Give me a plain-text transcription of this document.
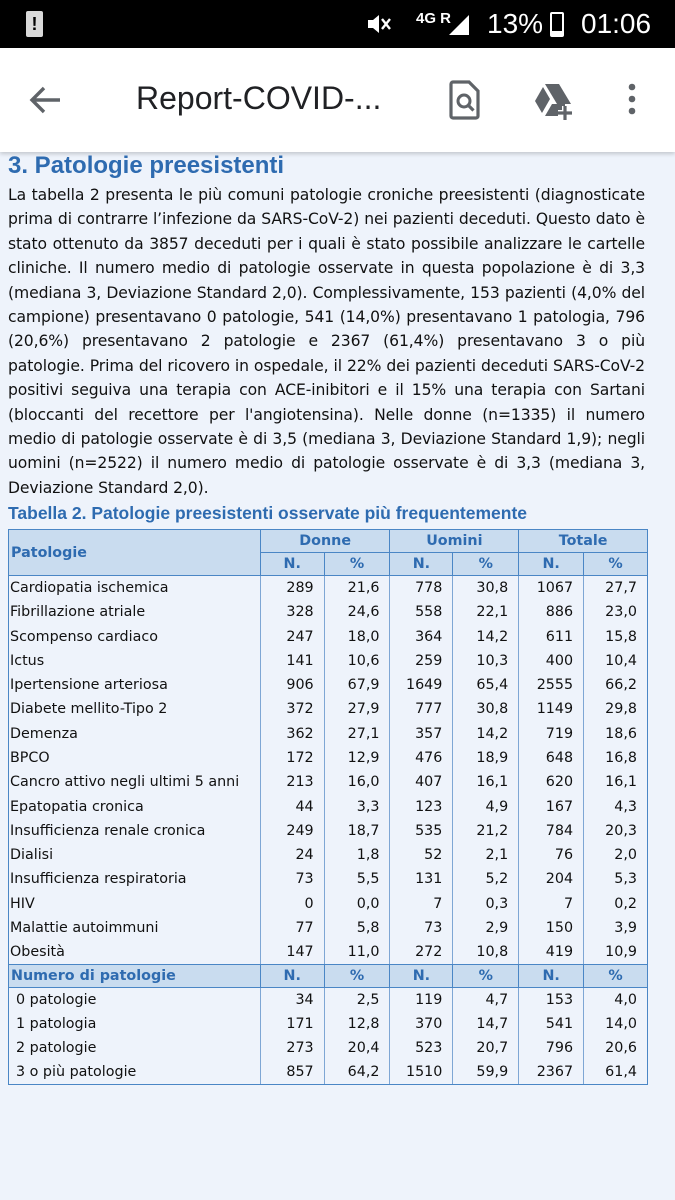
!	4G R 13% 01:06
Report-COVID-...
3. Patologie preesistenti
La tabella 2 presenta le più comuni patologie croniche preesistenti (diagnosticate prima di contrarre l’infezione da SARS-CoV-2) nei pazienti deceduti. Questo dato è stato ottenuto da 3857 deceduti per i quali è stato possibile analizzare le cartelle cliniche. Il numero medio di patologie osservate in questa popolazione è di 3,3 (mediana 3, Deviazione Standard 2,0). Complessivamente, 153 pazienti (4,0% del campione) presentavano 0 patologie, 541 (14,0%) presentavano 1 patologia, 796 (20,6%) presentavano 2 patologie e 2367 (61,4%) presentavano 3 o più patologie. Prima del ricovero in ospedale, il 22% dei pazienti deceduti SARS-CoV-2 positivi seguiva una terapia con ACE-inibitori e il 15% una terapia con Sartani (bloccanti del recettore per l'angiotensina). Nelle donne (n=1335) il numero medio di patologie osservate è di 3,5 (mediana 3, Deviazione Standard 1,9); negli uomini (n=2522) il numero medio di patologie osservate è di 3,3 (mediana 3, Deviazione Standard 2,0).
Tabella 2. Patologie preesistenti osservate più frequentemente
Patologie	Donne		Uomini		Totale	
	N.	%	N.	%	N.	%
Cardiopatia ischemica	289	21,6	778	30,8	1067	27,7
Fibrillazione atriale	328	24,6	558	22,1	886	23,0
Scompenso cardiaco	247	18,0	364	14,2	611	15,8
Ictus	141	10,6	259	10,3	400	10,4
Ipertensione arteriosa	906	67,9	1649	65,4	2555	66,2
Diabete mellito-Tipo 2	372	27,9	777	30,8	1149	29,8
Demenza	362	27,1	357	14,2	719	18,6
BPCO	172	12,9	476	18,9	648	16,8
Cancro attivo negli ultimi 5 anni	213	16,0	407	16,1	620	16,1
Epatopatia cronica	44	3,3	123	4,9	167	4,3
Insufficienza renale cronica	249	18,7	535	21,2	784	20,3
Dialisi	24	1,8	52	2,1	76	2,0
Insufficienza respiratoria	73	5,5	131	5,2	204	5,3
HIV	0	0,0	7	0,3	7	0,2
Malattie autoimmuni	77	5,8	73	2,9	150	3,9
Obesità	147	11,0	272	10,8	419	10,9
Numero di patologie	N.	%	N.	%	N.	%
0 patologie	34	2,5	119	4,7	153	4,0
1 patologia	171	12,8	370	14,7	541	14,0
2 patologie	273	20,4	523	20,7	796	20,6
3 o più patologie	857	64,2	1510	59,9	2367	61,4
